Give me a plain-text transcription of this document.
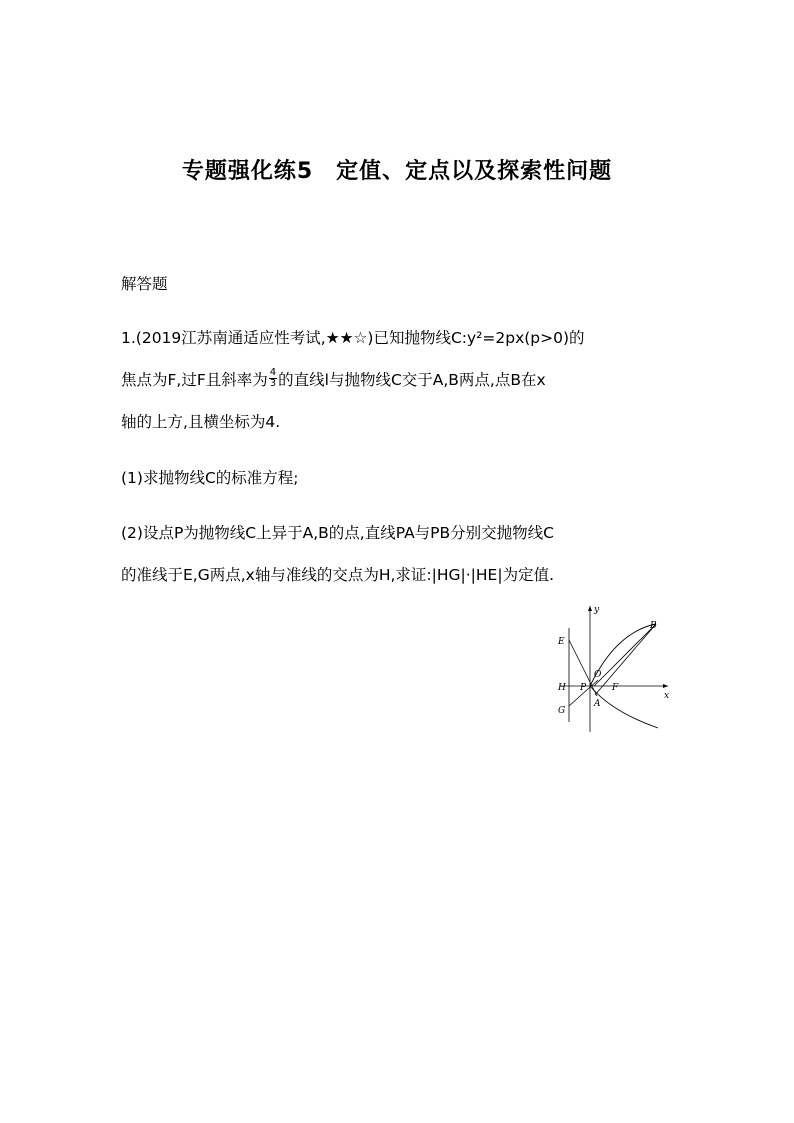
专题强化练5　定值、定点以及探索性问题
解答题
1.(2019江苏南通适应性考试,★★☆)已知抛物线C:y²=2px(p>0)的
焦点为F,过F且斜率为 $\frac{4}{3}$ 的直线l与抛物线C交于A,B两点,点B在x
轴的上方,且横坐标为4.
(1)求抛物线C的标准方程;
(2)设点P为抛物线C上异于A,B的点,直线PA与PB分别交抛物线C
的准线于E,G两点,x轴与准线的交点为H,求证:|HG|·|HE|为定值.
y
x
B
E
O
H P	F
G
A
